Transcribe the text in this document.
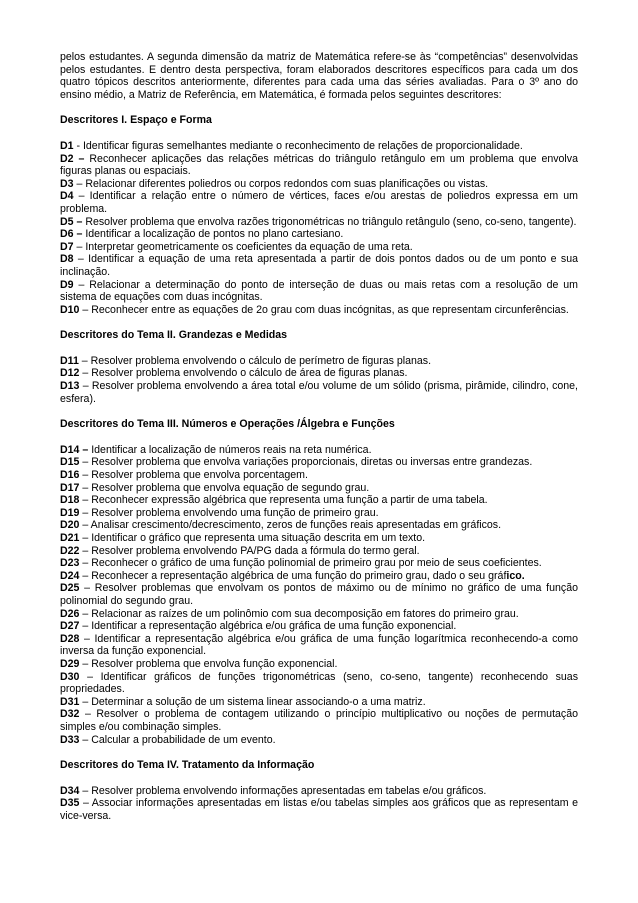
pelos estudantes. A segunda dimensão da matriz de Matemática refere-se às “competências” desenvolvidas pelos estudantes. E dentro desta perspectiva, foram elaborados descritores específicos para cada um dos quatro tópicos descritos anteriormente, diferentes para cada uma das séries avaliadas. Para o 3º ano do ensino médio, a Matriz de Referência, em Matemática, é formada pelos seguintes descritores:

Descritores I. Espaço e Forma

D1 - Identificar figuras semelhantes mediante o reconhecimento de relações de proporcionalidade.

D2 – Reconhecer aplicações das relações métricas do triângulo retângulo em um problema que envolva figuras planas ou espaciais.

D3 – Relacionar diferentes poliedros ou corpos redondos com suas planificações ou vistas.

D4 – Identificar a relação entre o número de vértices, faces e/ou arestas de poliedros expressa em um problema.

D5 – Resolver problema que envolva razões trigonométricas no triângulo retângulo (seno, co-seno, tangente).

D6 – Identificar a localização de pontos no plano cartesiano.

D7 – Interpretar geometricamente os coeficientes da equação de uma reta.

D8 – Identificar a equação de uma reta apresentada a partir de dois pontos dados ou de um ponto e sua inclinação.

D9 – Relacionar a determinação do ponto de interseção de duas ou mais retas com a resolução de um sistema de equações com duas incógnitas.

D10 – Reconhecer entre as equações de 2o grau com duas incógnitas, as que representam circunferências.

Descritores do Tema II. Grandezas e Medidas

D11 – Resolver problema envolvendo o cálculo de perímetro de figuras planas.

D12 – Resolver problema envolvendo o cálculo de área de figuras planas.

D13 – Resolver problema envolvendo a área total e/ou volume de um sólido (prisma, pirâmide, cilindro, cone, esfera).

Descritores do Tema III. Números e Operações /Álgebra e Funções

D14 – Identificar a localização de números reais na reta numérica.

D15 – Resolver problema que envolva variações proporcionais, diretas ou inversas entre grandezas.

D16 – Resolver problema que envolva porcentagem.

D17 – Resolver problema que envolva equação de segundo grau.

D18 – Reconhecer expressão algébrica que representa uma função a partir de uma tabela.

D19 – Resolver problema envolvendo uma função de primeiro grau.

D20 – Analisar crescimento/decrescimento, zeros de funções reais apresentadas em gráficos.

D21 – Identificar o gráfico que representa uma situação descrita em um texto.

D22 – Resolver problema envolvendo PA/PG dada a fórmula do termo geral.

D23 – Reconhecer o gráfico de uma função polinomial de primeiro grau por meio de seus coeficientes.

D24 – Reconhecer a representação algébrica de uma função do primeiro grau, dado o seu gráfico.

D25 – Resolver problemas que envolvam os pontos de máximo ou de mínimo no gráfico de uma função polinomial do segundo grau.

D26 – Relacionar as raízes de um polinômio com sua decomposição em fatores do primeiro grau.

D27 – Identificar a representação algébrica e/ou gráfica de uma função exponencial.

D28 – Identificar a representação algébrica e/ou gráfica de uma função logarítmica reconhecendo-a como inversa da função exponencial.

D29 – Resolver problema que envolva função exponencial.

D30 – Identificar gráficos de funções trigonométricas (seno, co-seno, tangente) reconhecendo suas propriedades.

D31 – Determinar a solução de um sistema linear associando-o a uma matriz.

D32 – Resolver o problema de contagem utilizando o princípio multiplicativo ou noções de permutação simples e/ou combinação simples.

D33 – Calcular a probabilidade de um evento.

Descritores do Tema IV. Tratamento da Informação

D34 – Resolver problema envolvendo informações apresentadas em tabelas e/ou gráficos.

D35 – Associar informações apresentadas em listas e/ou tabelas simples aos gráficos que as representam e vice-versa.
